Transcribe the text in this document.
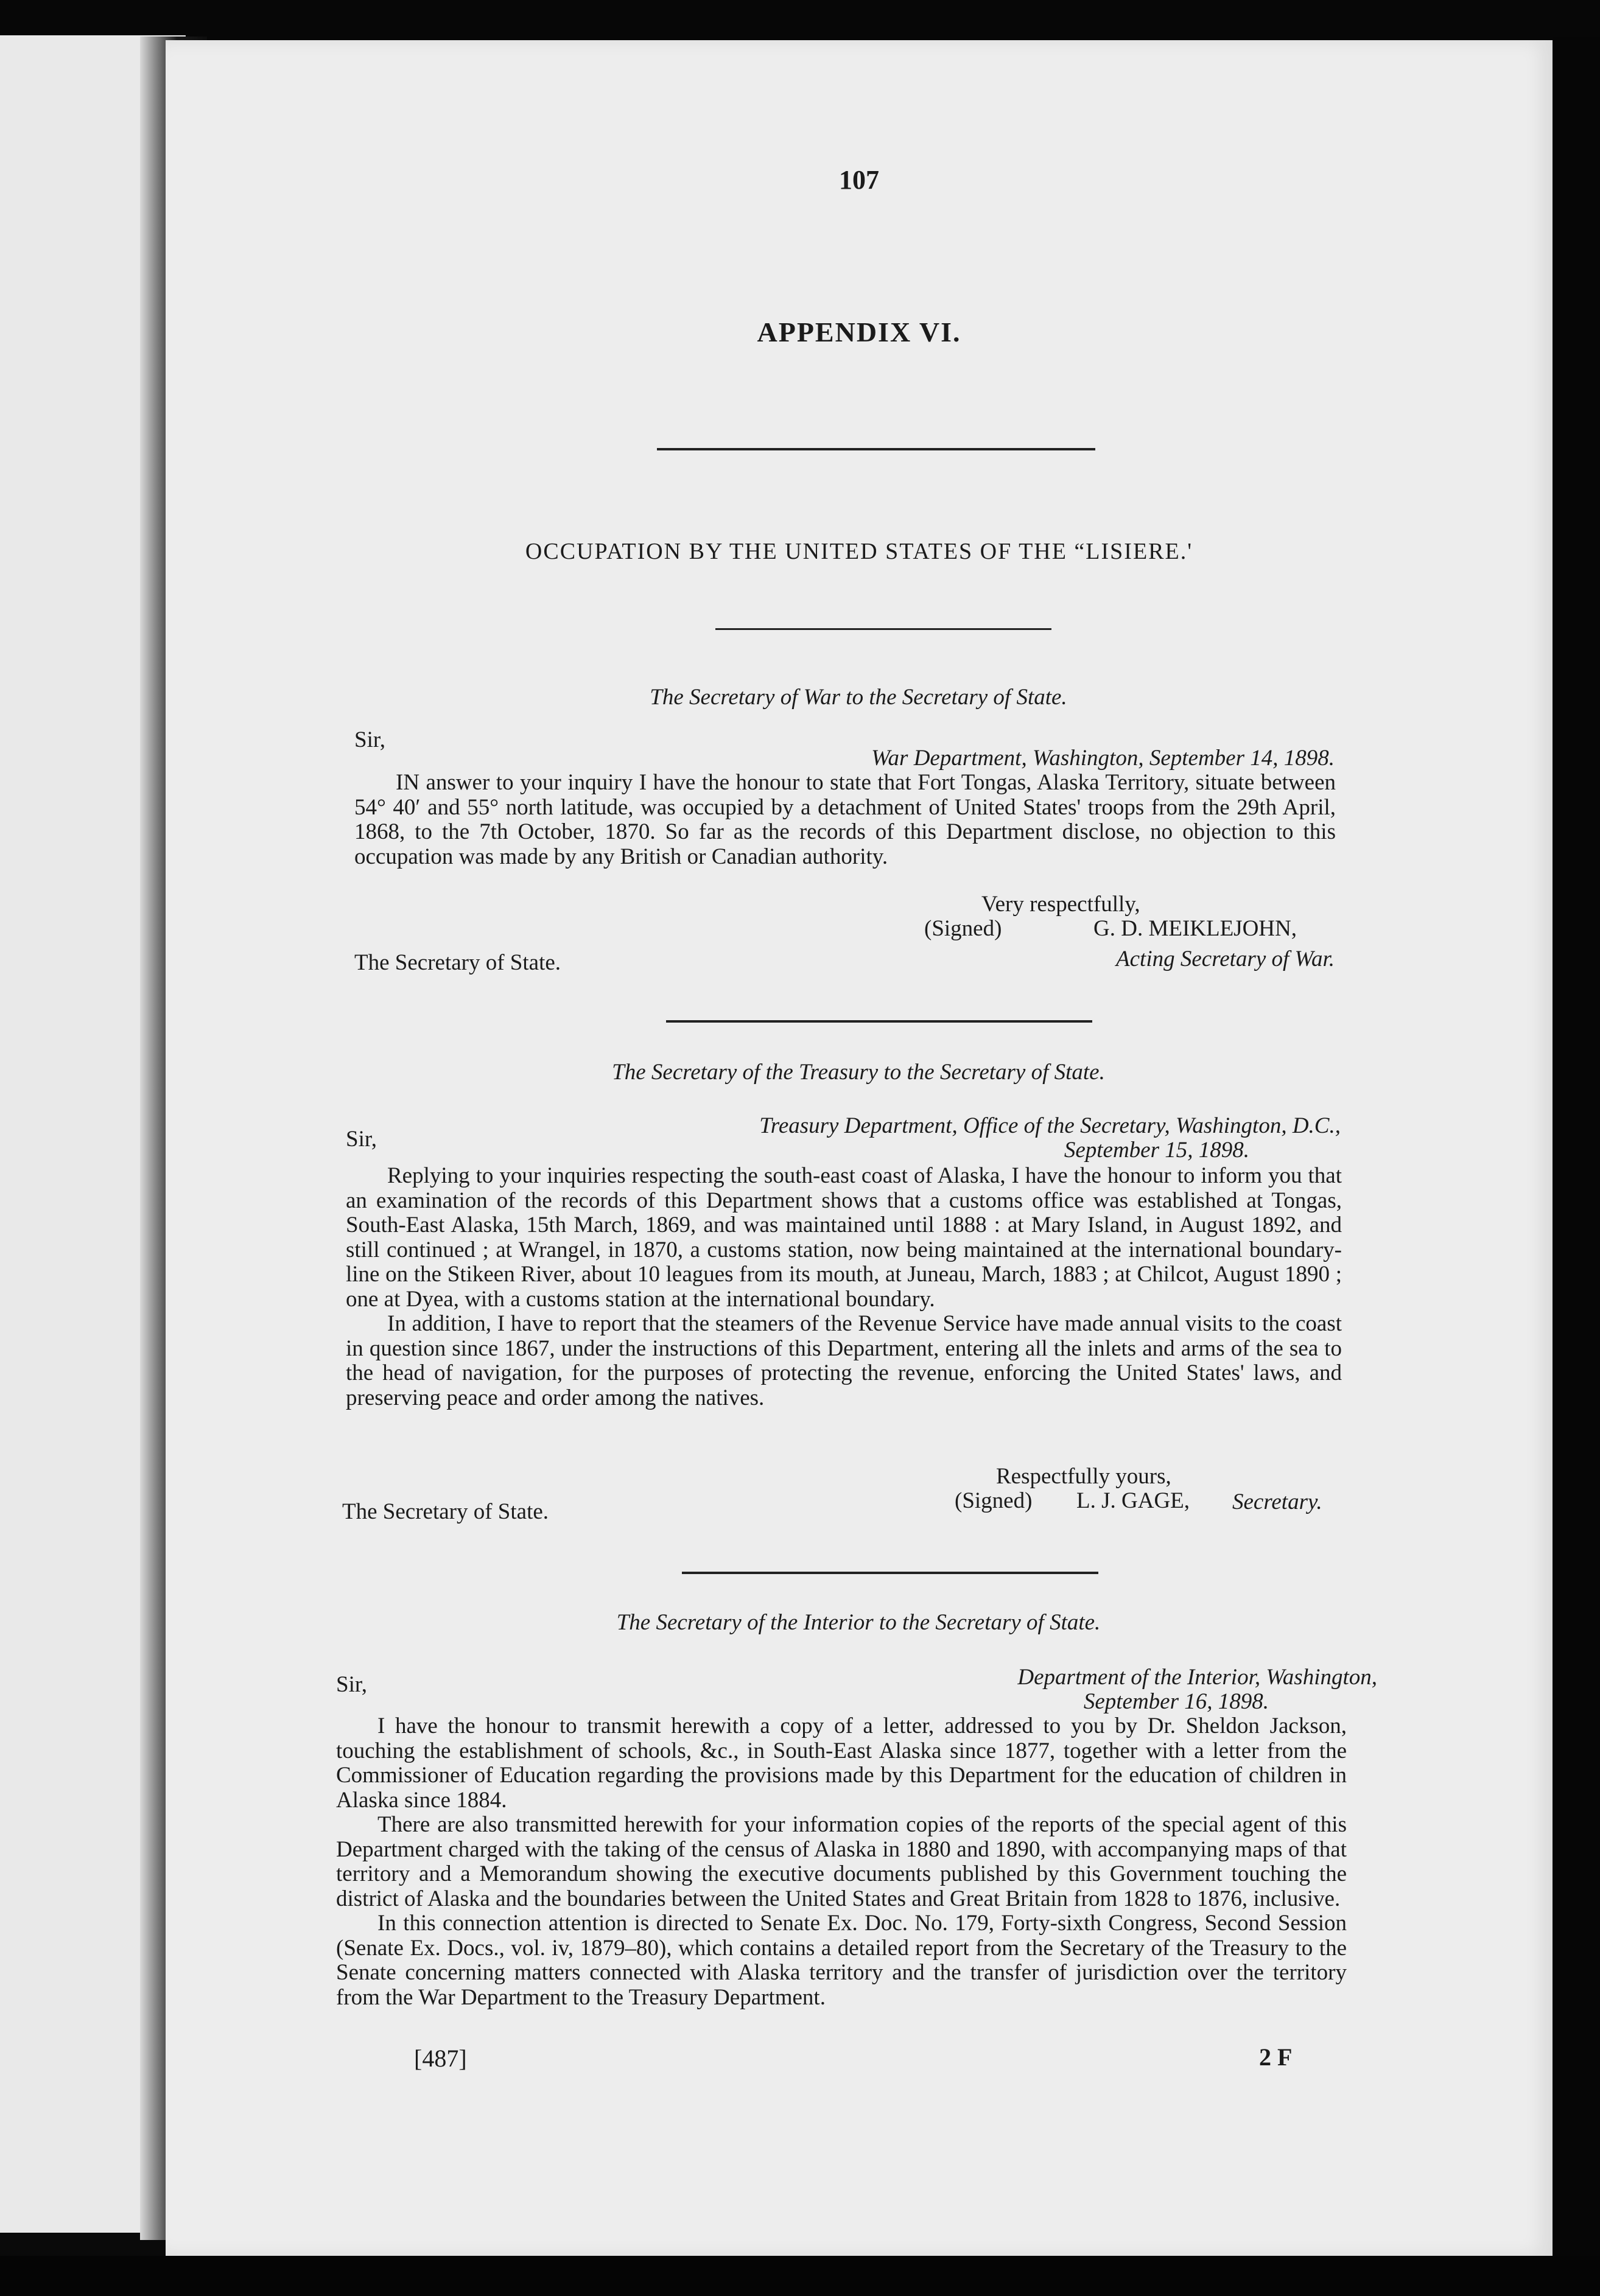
107
APPENDIX VI.
OCCUPATION BY THE UNITED STATES OF THE “LISIERE.'
The Secretary of War to the Secretary of State.
Sir,
War Department, Washington, September 14, 1898.

IN answer to your inquiry I have the honour to state that Fort Tongas, Alaska Territory, situate between 54° 40′ and 55° north latitude, was occupied by a detachment of United States' troops from the 29th April, 1868, to the 7th October, 1870. So far as the records of this Department disclose, no objection to this occupation was made by any British or Canadian authority.

Very respectfully,
(Signed)	G. D. MEIKLEJOHN,
The Secretary of State.	Acting Secretary of War.
The Secretary of the Treasury to the Secretary of State.
Treasury Department, Office of the Secretary, Washington, D.C.,
Sir,	September 15, 1898.

Replying to your inquiries respecting the south-east coast of Alaska, I have the honour to inform you that an examination of the records of this Department shows that a customs office was established at Tongas, South-East Alaska, 15th March, 1869, and was maintained until 1888 : at Mary Island, in August 1892, and still continued ; at Wrangel, in 1870, a customs station, now being maintained at the international boundary-line on the Stikeen River, about 10 leagues from its mouth, at Juneau, March, 1883 ; at Chilcot, August 1890 ; one at Dyea, with a customs station at the international boundary.

In addition, I have to report that the steamers of the Revenue Service have made annual visits to the coast in question since 1867, under the instructions of this Department, entering all the inlets and arms of the sea to the head of navigation, for the purposes of protecting the revenue, enforcing the United States' laws, and preserving peace and order among the natives.

Respectfully yours,
(Signed) L. J. GAGE, Secretary.
The Secretary of State.
The Secretary of the Interior to the Secretary of State.
Department of the Interior, Washington,
Sir,
September 16, 1898.

I have the honour to transmit herewith a copy of a letter, addressed to you by Dr. Sheldon Jackson, touching the establishment of schools, &c., in South-East Alaska since 1877, together with a letter from the Commissioner of Education regarding the provisions made by this Department for the education of children in Alaska since 1884.

There are also transmitted herewith for your information copies of the reports of the special agent of this Department charged with the taking of the census of Alaska in 1880 and 1890, with accompanying maps of that territory and a Memorandum showing the executive documents published by this Government touching the district of Alaska and the boundaries between the United States and Great Britain from 1828 to 1876, inclusive.

In this connection attention is directed to Senate Ex. Doc. No. 179, Forty-sixth Congress, Second Session (Senate Ex. Docs., vol. iv, 1879–80), which contains a detailed report from the Secretary of the Treasury to the Senate concerning matters connected with Alaska territory and the transfer of jurisdiction over the territory from the War Department to the Treasury Department.

[487]	2 F
